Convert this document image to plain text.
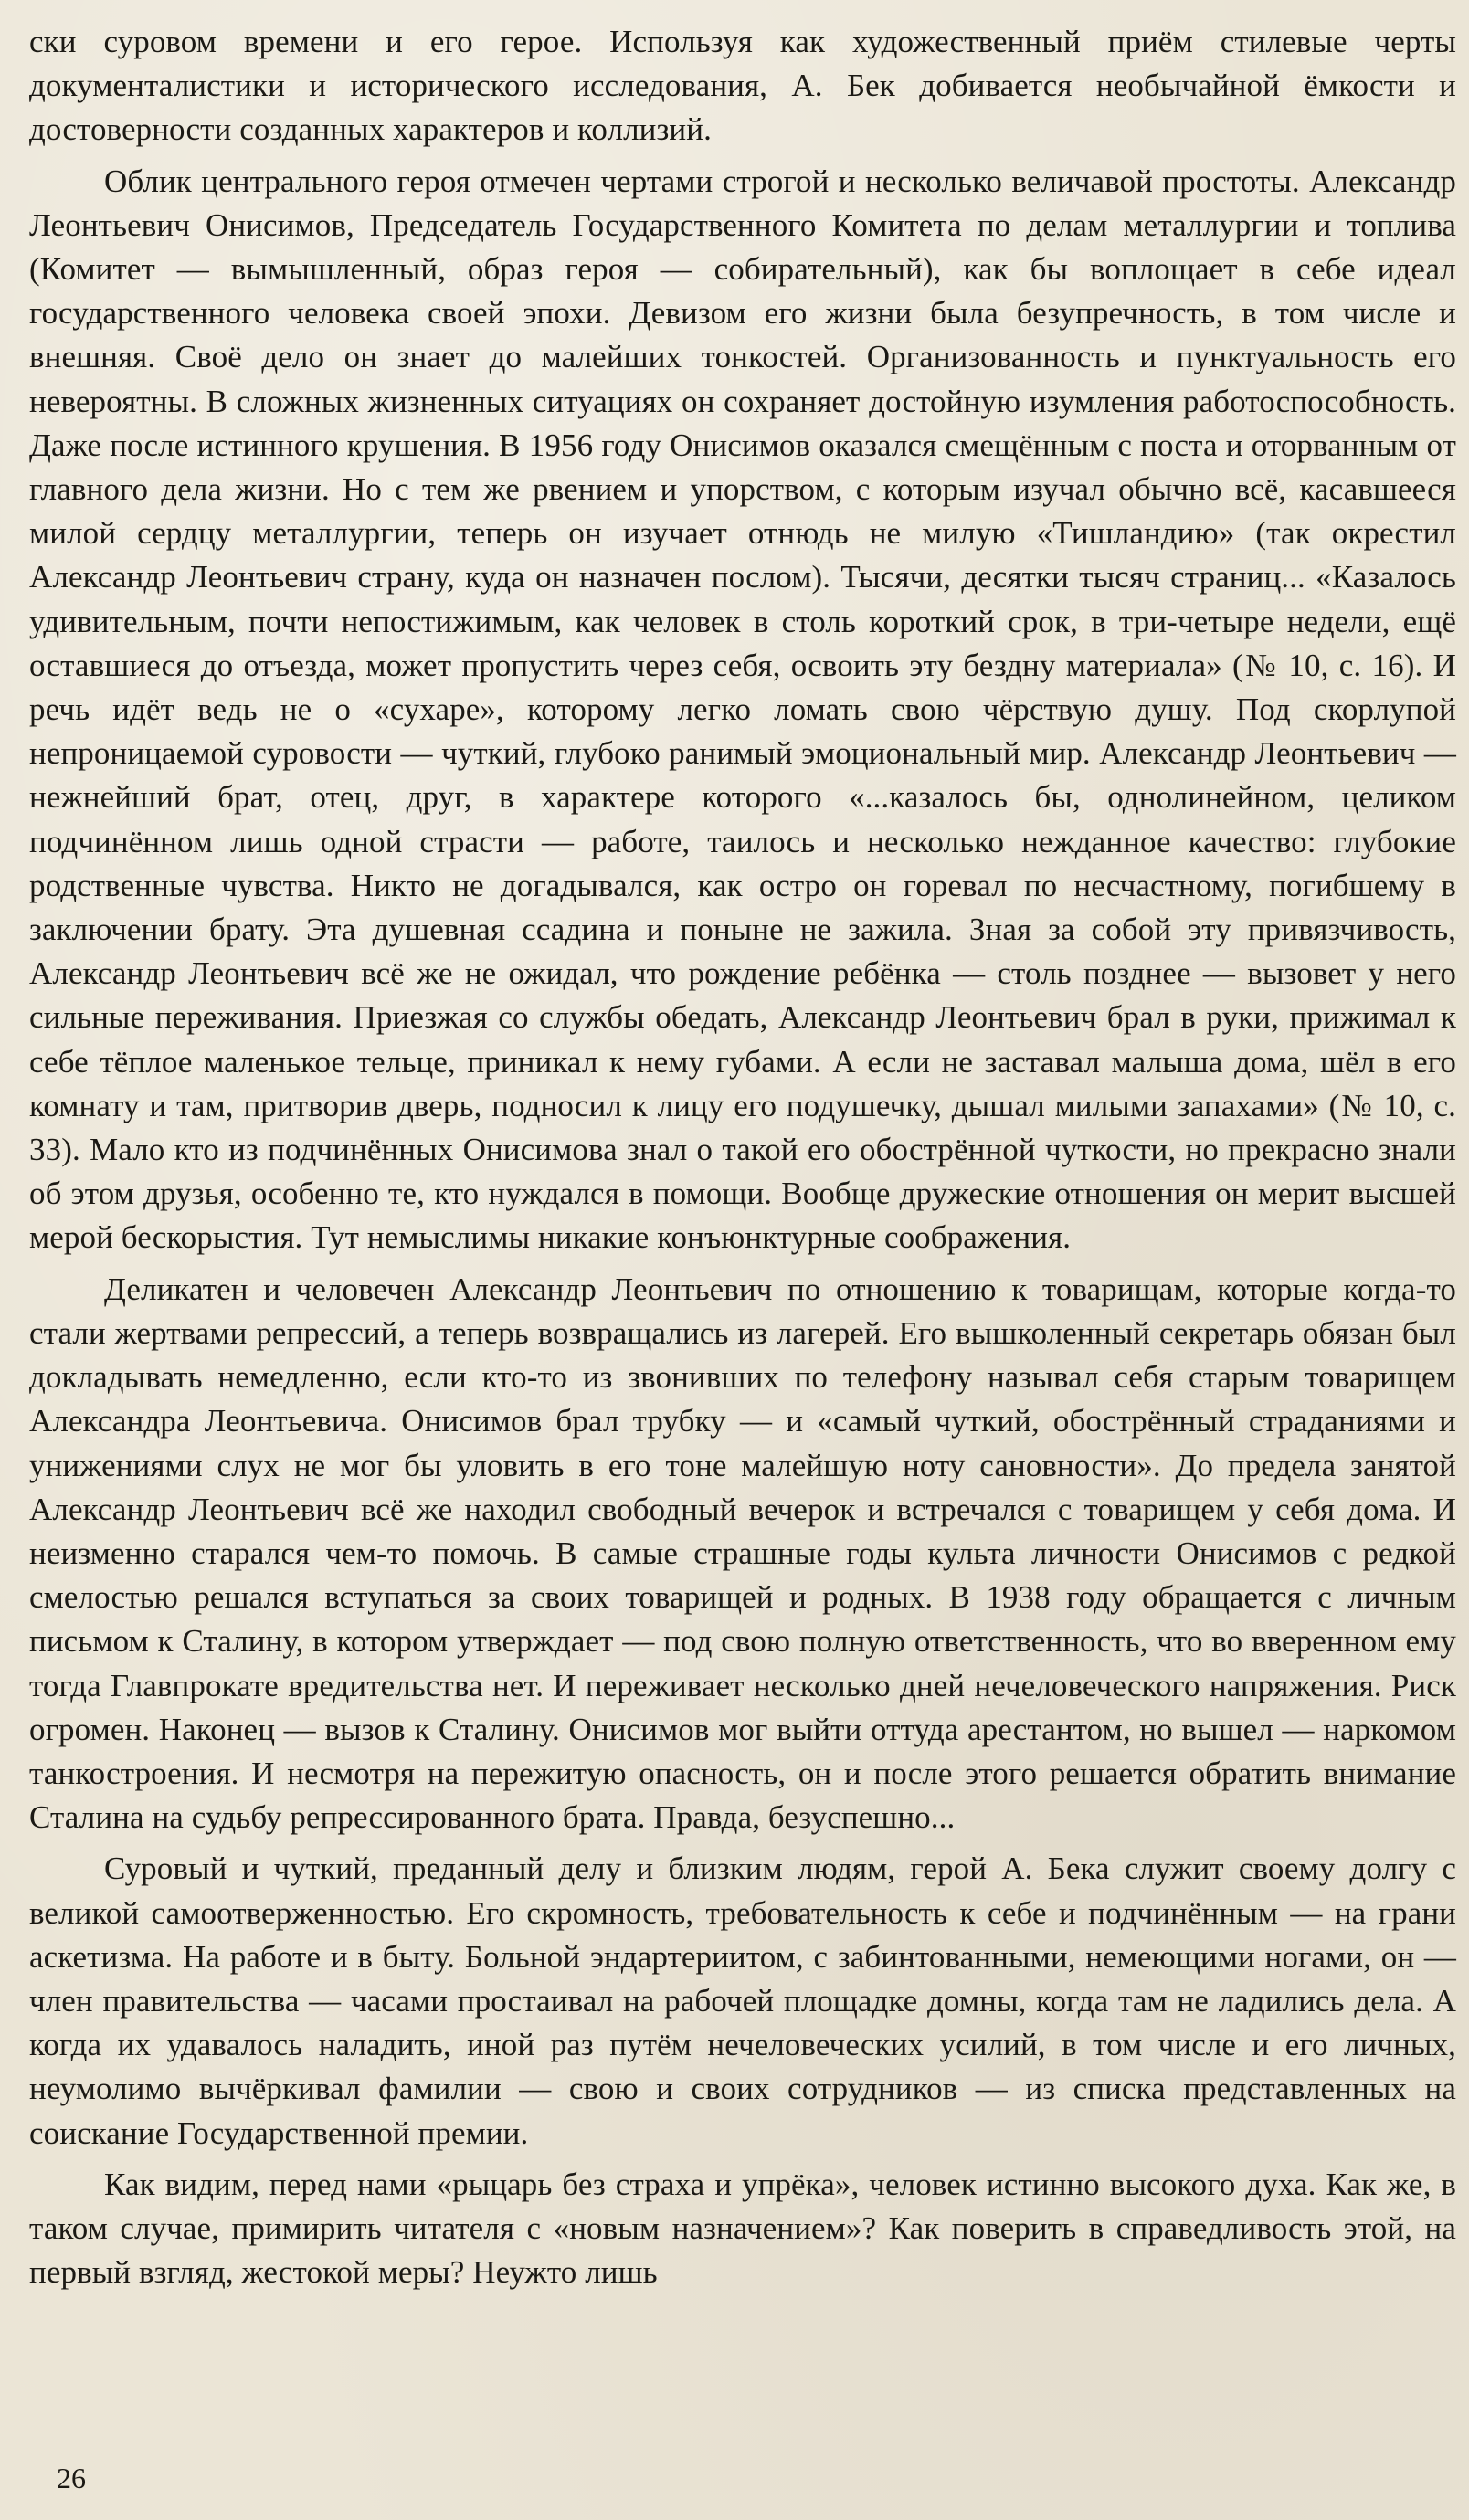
ски суровом времени и его герое. Используя как художественный приём стилевые черты документалистики и исторического исследования, А. Бек добивается необычайной ёмкости и достоверности созданных характеров и коллизий.

Облик центрального героя отмечен чертами строгой и несколько величавой простоты. Александр Леонтьевич Онисимов, Председатель Государственного Комитета по делам металлургии и топлива (Комитет — вымышленный, образ героя — собирательный), как бы воплощает в себе идеал государственного человека своей эпохи. Девизом его жизни была безупречность, в том числе и внешняя. Своё дело он знает до малейших тонкостей. Организованность и пунктуальность его невероятны. В сложных жизненных ситуациях он сохраняет достойную изумления работоспособность. Даже после истинного крушения. В 1956 году Онисимов оказался смещённым с поста и оторванным от главного дела жизни. Но с тем же рвением и упорством, с которым изучал обычно всё, касавшееся милой сердцу металлургии, теперь он изучает отнюдь не милую «Тишландию» (так окрестил Александр Леонтьевич страну, куда он назначен послом). Тысячи, десятки тысяч страниц... «Казалось удивительным, почти непостижимым, как человек в столь короткий срок, в три-четыре недели, ещё оставшиеся до отъезда, может пропустить через себя, освоить эту бездну материала» (№ 10, с. 16). И речь идёт ведь не о «сухаре», которому легко ломать свою чёрствую душу. Под скорлупой непроницаемой суровости — чуткий, глубоко ранимый эмоциональный мир. Александр Леонтьевич — нежнейший брат, отец, друг, в характере которого «...казалось бы, однолинейном, целиком подчинённом лишь одной страсти — работе, таилось и несколько нежданное качество: глубокие родственные чувства. Никто не догадывался, как остро он горевал по несчастному, погибшему в заключении брату. Эта душевная ссадина и поныне не зажила. Зная за собой эту привязчивость, Александр Леонтьевич всё же не ожидал, что рождение ребёнка — столь позднее — вызовет у него сильные переживания. Приезжая со службы обедать, Александр Леонтьевич брал в руки, прижимал к себе тёплое маленькое тельце, приникал к нему губами. А если не заставал малыша дома, шёл в его комнату и там, притворив дверь, подносил к лицу его подушечку, дышал милыми запахами» (№ 10, с. 33). Мало кто из подчинённых Онисимова знал о такой его обострённой чуткости, но прекрасно знали об этом друзья, особенно те, кто нуждался в помощи. Вообще дружеские отношения он мерит высшей мерой бескорыстия. Тут немыслимы никакие конъюнктурные соображения.

Деликатен и человечен Александр Леонтьевич по отношению к товарищам, которые когда-то стали жертвами репрессий, а теперь возвращались из лагерей. Его вышколенный секретарь обязан был докладывать немедленно, если кто-то из звонивших по телефону называл себя старым товарищем Александра Леонтьевича. Онисимов брал трубку — и «самый чуткий, обострённый страданиями и унижениями слух не мог бы уловить в его тоне малейшую ноту сановности». До предела занятой Александр Леонтьевич всё же находил свободный вечерок и встречался с товарищем у себя дома. И неизменно старался чем-то помочь. В самые страшные годы культа личности Онисимов с редкой смелостью решался вступаться за своих товарищей и родных. В 1938 году обращается с личным письмом к Сталину, в котором утверждает — под свою полную ответственность, что во вверенном ему тогда Главпрокате вредительства нет. И переживает несколько дней нечеловеческого напряжения. Риск огромен. Наконец — вызов к Сталину. Онисимов мог выйти оттуда арестантом, но вышел — наркомом танкостроения. И несмотря на пережитую опасность, он и после этого решается обратить внимание Сталина на судьбу репрессированного брата. Правда, безуспешно...

Суровый и чуткий, преданный делу и близким людям, герой А. Бека служит своему долгу с великой самоотверженностью. Его скромность, требовательность к себе и подчинённым — на грани аскетизма. На работе и в быту. Больной эндартериитом, с забинтованными, немеющими ногами, он — член правительства — часами простаивал на рабочей площадке домны, когда там не ладились дела. А когда их удавалось наладить, иной раз путём нечеловеческих усилий, в том числе и его личных, неумолимо вычёркивал фамилии — свою и своих сотрудников — из списка представленных на соискание Государственной премии.

Как видим, перед нами «рыцарь без страха и упрёка», человек истинно высокого духа. Как же, в таком случае, примирить читателя с «новым назначением»? Как поверить в справедливость этой, на первый взгляд, жестокой меры? Неужто лишь

26
